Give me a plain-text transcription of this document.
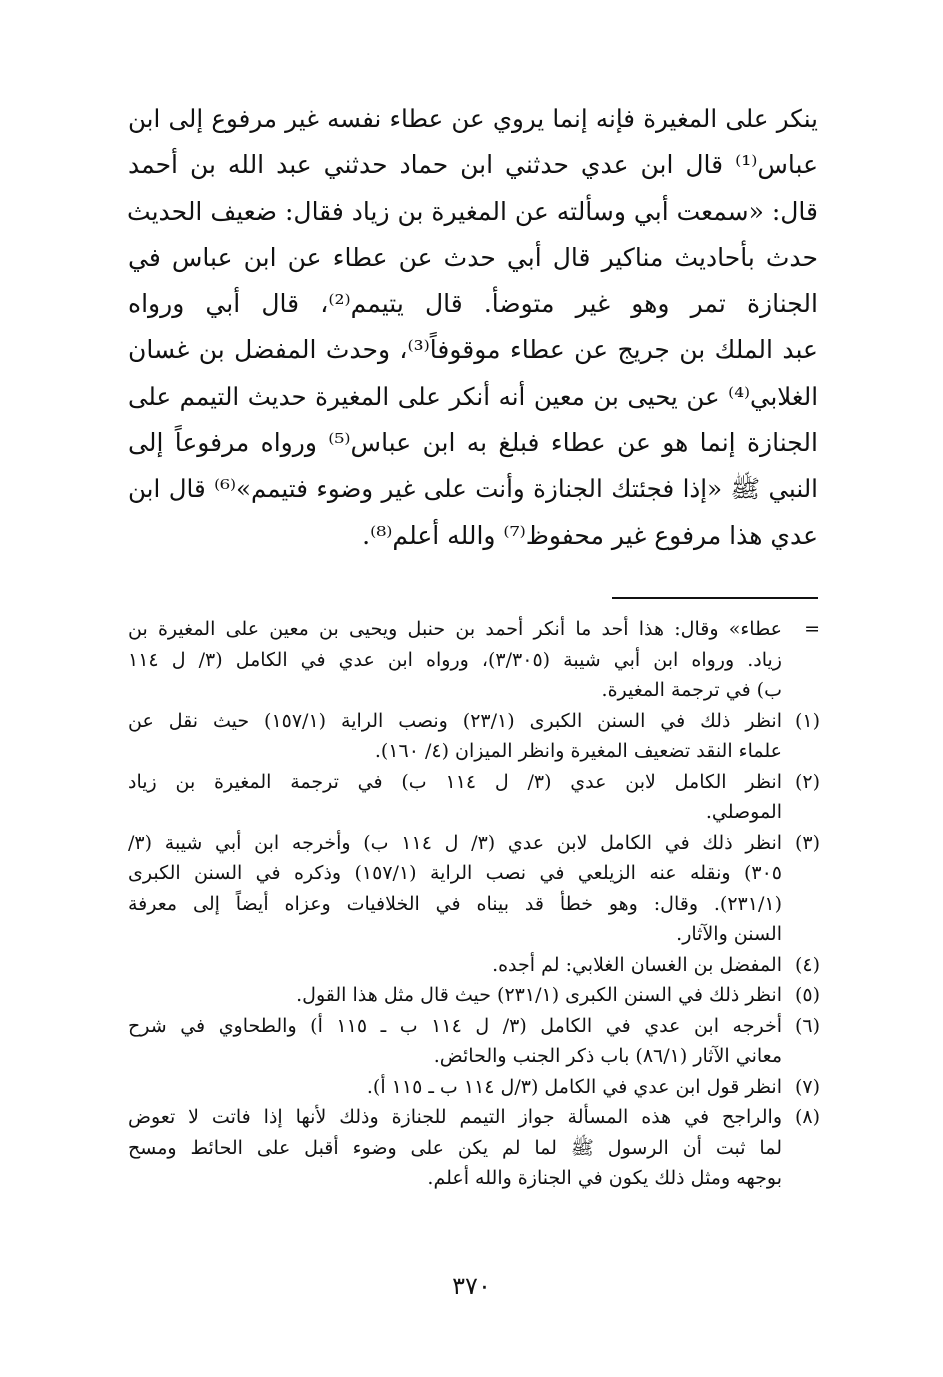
ينكر على المغيرة فإنه إنما يروي عن عطاء نفسه غير مرفوع إلى ابن
عباس⁽¹⁾ قال ابن عدي حدثني ابن حماد حدثني عبد الله بن أحمد
قال: «سمعت أبي وسألته عن المغيرة بن زياد فقال: ضعيف الحديث
حدث بأحاديث مناكير قال أبي حدث عن عطاء عن ابن عباس في
الجنازة تمر وهو غير متوضأ. قال يتيمم⁽²⁾، قال أبي ورواه
عبد الملك بن جريج عن عطاء موقوفاً⁽³⁾، وحدث المفضل بن غسان
الغلابي⁽⁴⁾ عن يحيى بن معين أنه أنكر على المغيرة حديث التيمم على
الجنازة إنما هو عن عطاء فبلغ به ابن عباس⁽⁵⁾ ورواه مرفوعاً إلى
النبي ﷺ «إذا فجئتك الجنازة وأنت على غير وضوء فتيمم»⁽⁶⁾ قال ابن
عدي هذا مرفوع غير محفوظ⁽⁷⁾ والله أعلم⁽⁸⁾.
=
عطاء» وقال: هذا أحد ما أنكر أحمد بن حنبل ويحيى بن معين على المغيرة بن
زياد. ورواه ابن أبي شيبة (٣/٣٠٥)، ورواه ابن عدي في الكامل (٣/ ل ١١٤
ب) في ترجمة المغيرة.
(١)
انظر ذلك في السنن الكبرى (٢٣/١) ونصب الراية (١٥٧/١) حيث نقل عن
علماء النقد تضعيف المغيرة وانظر الميزان (٤/ ١٦٠).
(٢)
انظر الكامل لابن عدي (٣/ ل ١١٤ ب) في ترجمة المغيرة بن زياد
الموصلي.
(٣)
انظر ذلك في الكامل لابن عدي (٣/ ل ١١٤ ب) وأخرجه ابن أبي شيبة (٣/
٣٠٥) ونقله عنه الزيلعي في نصب الراية (١٥٧/١) وذكره في السنن الكبرى
(٢٣١/١). وقال: وهو خطأ قد بيناه في الخلافيات وعزاه أيضاً إلى معرفة
السنن والآثار.
(٤)
المفضل بن الغسان الغلابي: لم أجده.
(٥)
انظر ذلك في السنن الكبرى (٢٣١/١) حيث قال مثل هذا القول.
(٦)
أخرجه ابن عدي في الكامل (٣/ ل ١١٤ ب ـ ١١٥ أ) والطحاوي في شرح
معاني الآثار (٨٦/١) باب ذكر الجنب والحائض.
(٧)
انظر قول ابن عدي في الكامل (٣/ل ١١٤ ب ـ ١١٥ أ).
(٨)
والراجح في هذه المسألة جواز التيمم للجنازة وذلك لأنها إذا فاتت لا تعوض
لما ثبت أن الرسول ﷺ لما لم يكن على وضوء أقبل على الحائط ومسح
بوجهه ومثل ذلك يكون في الجنازة والله أعلم.
٣٧٠
